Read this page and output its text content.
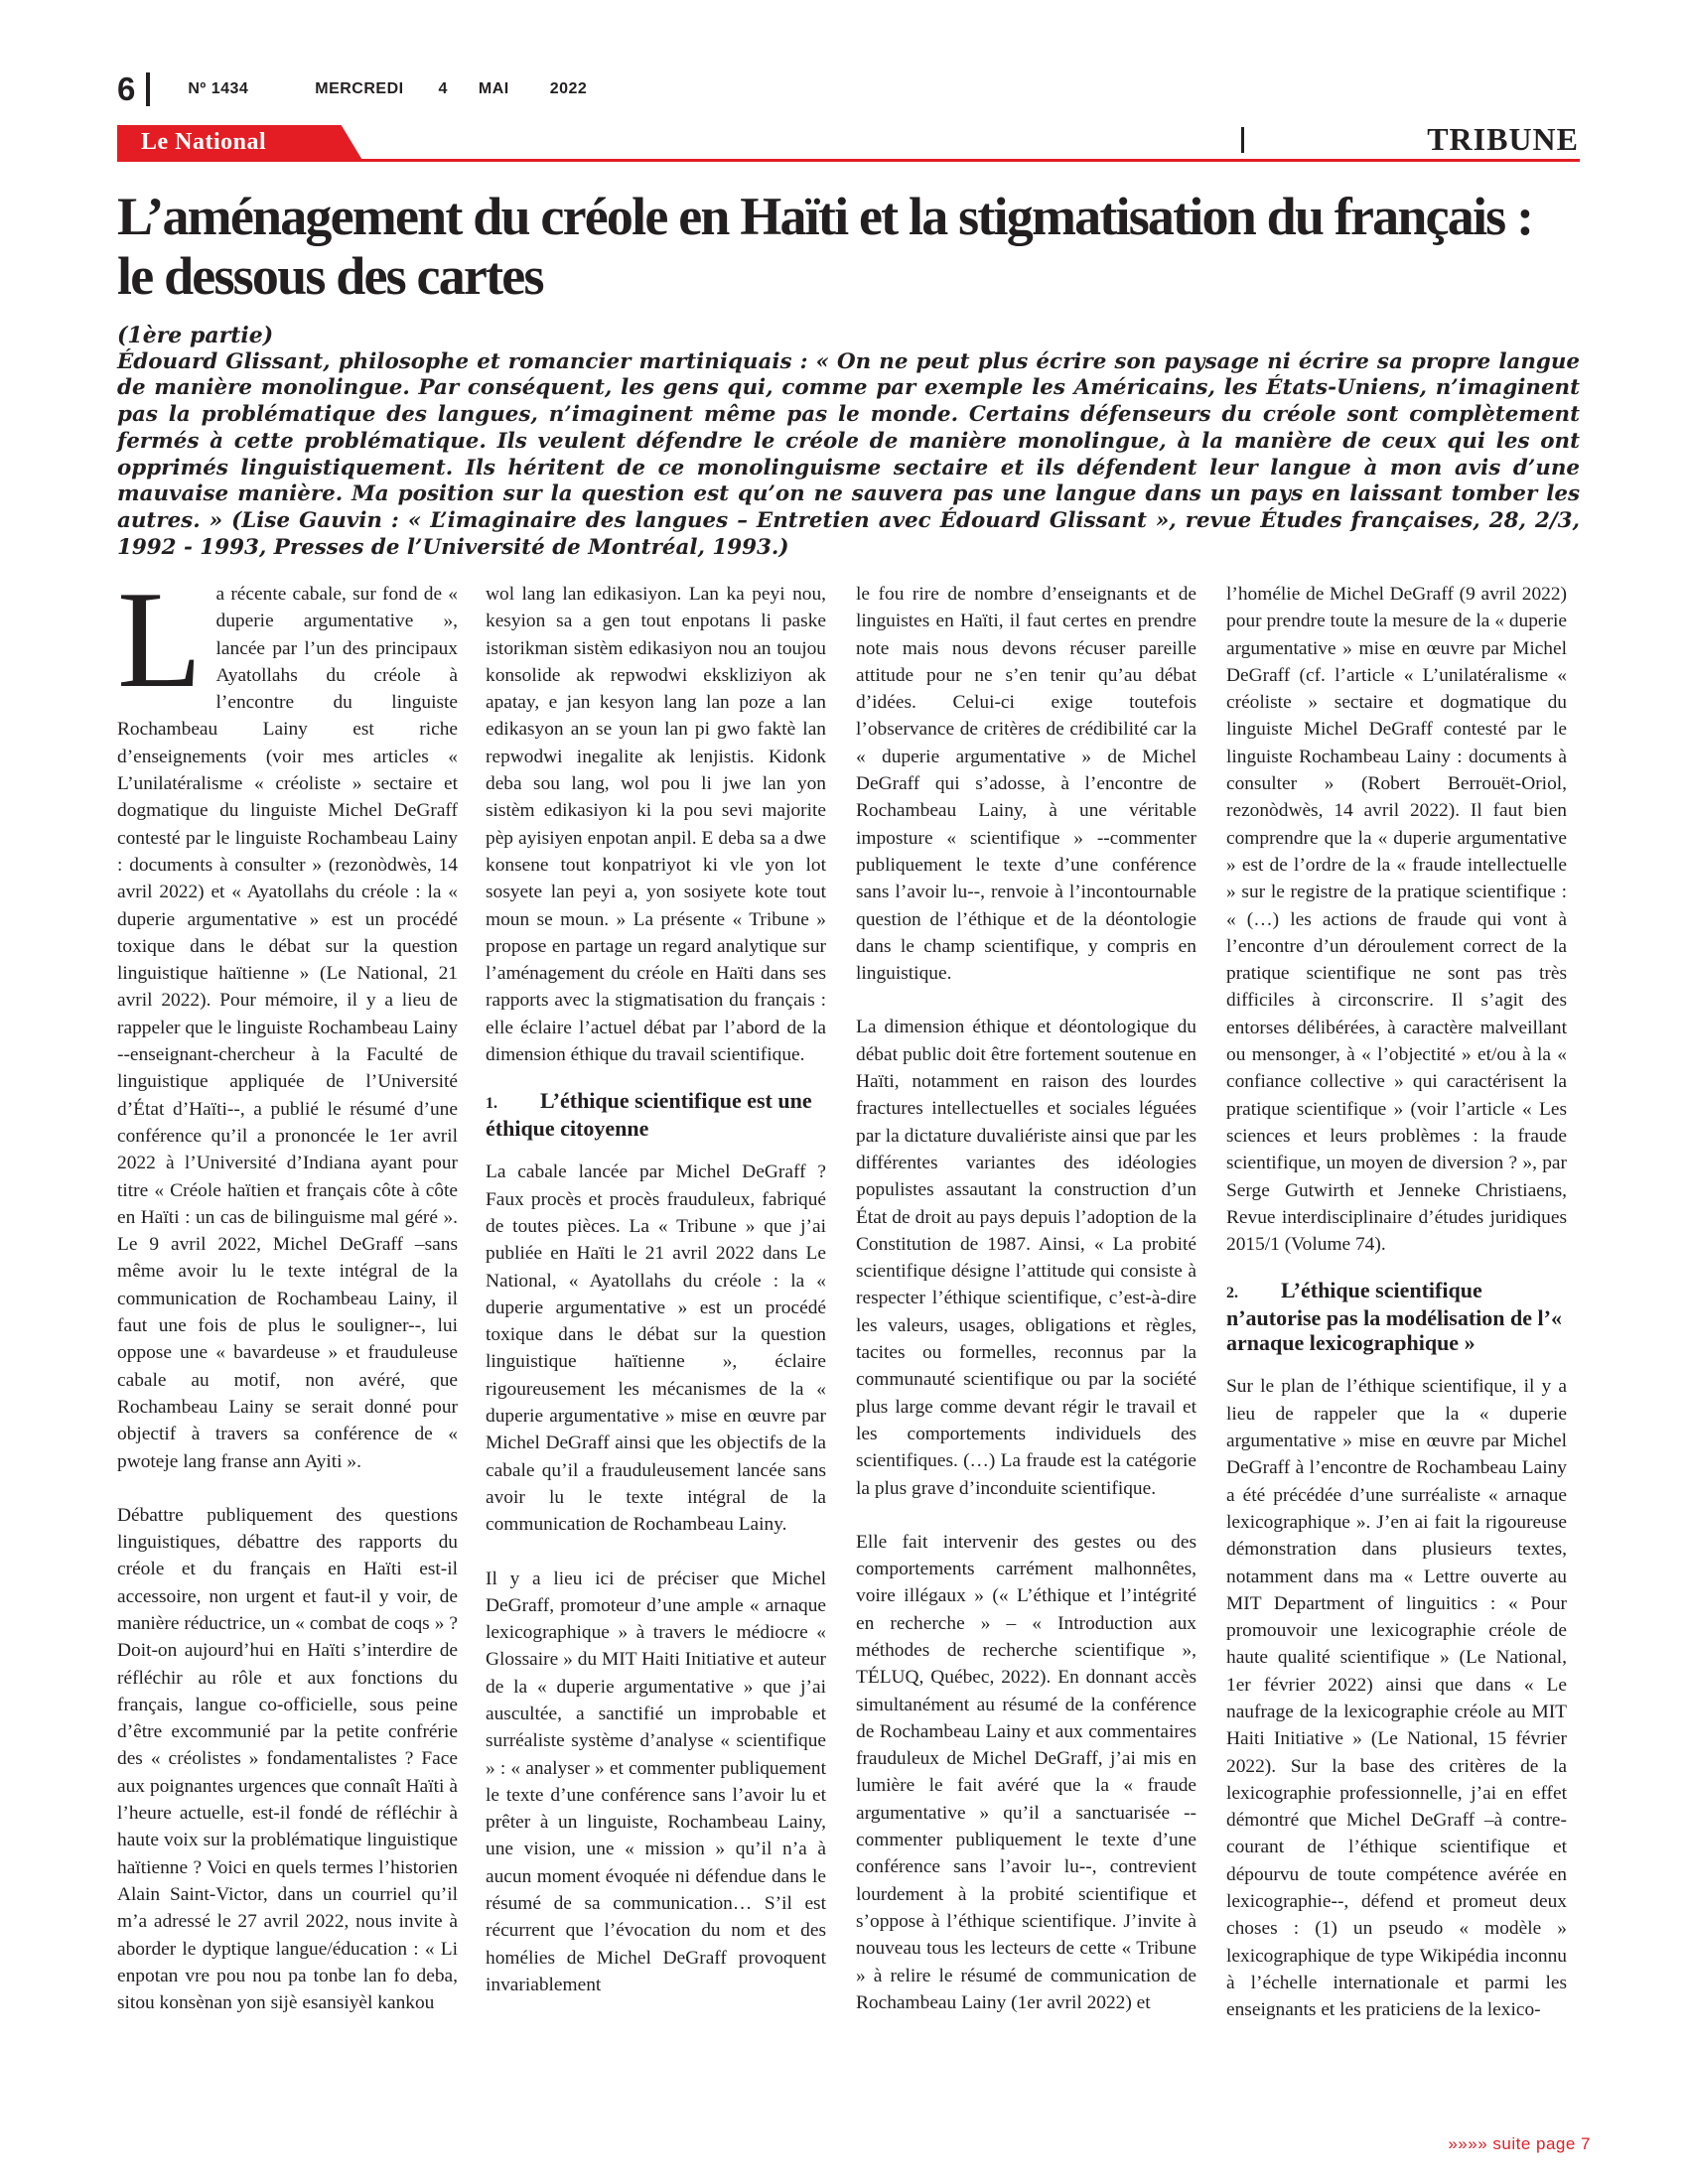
6	Nº 1434	MERCREDI 4 MAI	2022
Le National	TRIBUNE
L’aménagement du créole en Haïti et la stigmatisation du français : le dessous des cartes
(1ère partie)
Édouard Glissant, philosophe et romancier martiniquais : « On ne peut plus écrire son paysage ni écrire sa propre langue de manière monolingue. Par conséquent, les gens qui, comme par exemple les Américains, les États-Uniens, n’imaginent pas la problématique des langues, n’imaginent même pas le monde. Certains défenseurs du créole sont complètement fermés à cette problématique. Ils veulent défendre le créole de manière monolingue, à la manière de ceux qui les ont opprimés linguistiquement. Ils héritent de ce monolinguisme sectaire et ils défendent leur langue à mon avis d’une mauvaise manière. Ma position sur la question est qu’on ne sauvera pas une langue dans un pays en laissant tomber les autres. » (Lise Gauvin : « L’imaginaire des langues – Entretien avec Édouard Glissant », revue Études françaises, 28, 2/3, 1992 - 1993, Presses de l’Université de Montréal, 1993.)

La récente cabale, sur fond de « duperie argumentative », lancée par l’un des principaux Ayatollahs du créole à l’encontre du linguiste Rochambeau Lainy est riche d’enseignements (voir mes articles « L’unilatéralisme « créoliste » sectaire et dogmatique du linguiste Michel DeGraff contesté par le linguiste Rochambeau Lainy : documents à consulter » (rezonòdwès, 14 avril 2022) et « Ayatollahs du créole : la « duperie argumentative » est un procédé toxique dans le débat sur la question linguistique haïtienne » (Le National, 21 avril 2022). Pour mémoire, il y a lieu de rappeler que le linguiste Rochambeau Lainy --enseignant-chercheur à la Faculté de linguistique appliquée de l’Université d’État d’Haïti--, a publié le résumé d’une conférence qu’il a prononcée le 1er avril 2022 à l’Université d’Indiana ayant pour titre « Créole haïtien et français côte à côte en Haïti : un cas de bilinguisme mal géré ». Le 9 avril 2022, Michel DeGraff –sans même avoir lu le texte intégral de la communication de Rochambeau Lainy, il faut une fois de plus le souligner--, lui oppose une « bavardeuse » et frauduleuse cabale au motif, non avéré, que Rochambeau Lainy se serait donné pour objectif à travers sa conférence de « pwoteje lang franse ann Ayiti ».

Débattre publiquement des questions linguistiques, débattre des rapports du créole et du français en Haïti est-il accessoire, non urgent et faut-il y voir, de manière réductrice, un « combat de coqs » ? Doit-on aujourd’hui en Haïti s’interdire de réfléchir au rôle et aux fonctions du français, langue co-officielle, sous peine d’être excommunié par la petite confrérie des « créolistes » fondamentalistes ? Face aux poignantes urgences que connaît Haïti à l’heure actuelle, est-il fondé de réfléchir à haute voix sur la problématique linguistique haïtienne ? Voici en quels termes l’historien Alain Saint-Victor, dans un courriel qu’il m’a adressé le 27 avril 2022, nous invite à aborder le dyptique langue/éducation : « Li enpotan vre pou nou pa tonbe lan fo deba, sitou konsènan yon sijè esansiyèl kankou

wol lang lan edikasiyon. Lan ka peyi nou, kesyion sa a gen tout enpotans li paske istorikman sistèm edikasiyon nou an toujou konsolide ak repwodwi ekskliziyon ak apatay, e jan kesyon lang lan poze a lan edikasyon an se youn lan pi gwo faktè lan repwodwi inegalite ak lenjistis. Kidonk deba sou lang, wol pou li jwe lan yon sistèm edikasiyon ki la pou sevi majorite pèp ayisiyen enpotan anpil. E deba sa a dwe konsene tout konpatriyot ki vle yon lot sosyete lan peyi a, yon sosiyete kote tout moun se moun. » La présente « Tribune » propose en partage un regard analytique sur l’aménagement du créole en Haïti dans ses rapports avec la stigmatisation du français : elle éclaire l’actuel débat par l’abord de la dimension éthique du travail scientifique.

1. L’éthique scientifique est une éthique citoyenne

La cabale lancée par Michel DeGraff ? Faux procès et procès frauduleux, fabriqué de toutes pièces. La « Tribune » que j’ai publiée en Haïti le 21 avril 2022 dans Le National, « Ayatollahs du créole : la « duperie argumentative » est un procédé toxique dans le débat sur la question linguistique haïtienne », éclaire rigoureusement les mécanismes de la « duperie argumentative » mise en œuvre par Michel DeGraff ainsi que les objectifs de la cabale qu’il a frauduleusement lancée sans avoir lu le texte intégral de la communication de Rochambeau Lainy.

Il y a lieu ici de préciser que Michel DeGraff, promoteur d’une ample « arnaque lexicographique » à travers le médiocre « Glossaire » du MIT Haiti Initiative et auteur de la « duperie argumentative » que j’ai auscultée, a sanctifié un improbable et surréaliste système d’analyse « scientifique » : « analyser » et commenter publiquement le texte d’une conférence sans l’avoir lu et prêter à un linguiste, Rochambeau Lainy, une vision, une « mission » qu’il n’a à aucun moment évoquée ni défendue dans le résumé de sa communication… S’il est récurrent que l’évocation du nom et des homélies de Michel DeGraff provoquent invariablement

le fou rire de nombre d’enseignants et de linguistes en Haïti, il faut certes en prendre note mais nous devons récuser pareille attitude pour ne s’en tenir qu’au débat d’idées. Celui-ci exige toutefois l’observance de critères de crédibilité car la « duperie argumentative » de Michel DeGraff qui s’adosse, à l’encontre de Rochambeau Lainy, à une véritable imposture « scientifique » --commenter publiquement le texte d’une conférence sans l’avoir lu--, renvoie à l’incontournable question de l’éthique et de la déontologie dans le champ scientifique, y compris en linguistique.

La dimension éthique et déontologique du débat public doit être fortement soutenue en Haïti, notamment en raison des lourdes fractures intellectuelles et sociales léguées par la dictature duvaliériste ainsi que par les différentes variantes des idéologies populistes assautant la construction d’un État de droit au pays depuis l’adoption de la Constitution de 1987. Ainsi, « La probité scientifique désigne l’attitude qui consiste à respecter l’éthique scientifique, c’est-à-dire les valeurs, usages, obligations et règles, tacites ou formelles, reconnus par la communauté scientifique ou par la société plus large comme devant régir le travail et les comportements individuels des scientifiques. (…) La fraude est la catégorie la plus grave d’inconduite scientifique.

Elle fait intervenir des gestes ou des comportements carrément malhonnêtes, voire illégaux » (« L’éthique et l’intégrité en recherche » – « Introduction aux méthodes de recherche scientifique », TÉLUQ, Québec, 2022). En donnant accès simultanément au résumé de la conférence de Rochambeau Lainy et aux commentaires frauduleux de Michel DeGraff, j’ai mis en lumière le fait avéré que la « fraude argumentative » qu’il a sanctuarisée --commenter publiquement le texte d’une conférence sans l’avoir lu--, contrevient lourdement à la probité scientifique et s’oppose à l’éthique scientifique. J’invite à nouveau tous les lecteurs de cette « Tribune » à relire le résumé de communication de Rochambeau Lainy (1er avril 2022) et

l’homélie de Michel DeGraff (9 avril 2022) pour prendre toute la mesure de la « duperie argumentative » mise en œuvre par Michel DeGraff (cf. l’article « L’unilatéralisme « créoliste » sectaire et dogmatique du linguiste Michel DeGraff contesté par le linguiste Rochambeau Lainy : documents à consulter » (Robert Berrouët-Oriol, rezonòdwès, 14 avril 2022). Il faut bien comprendre que la « duperie argumentative » est de l’ordre de la « fraude intellectuelle » sur le registre de la pratique scientifique : « (…) les actions de fraude qui vont à l’encontre d’un déroulement correct de la pratique scientifique ne sont pas très difficiles à circonscrire. Il s’agit des entorses délibérées, à caractère malveillant ou mensonger, à « l’objectité » et/ou à la « confiance collective » qui caractérisent la pratique scientifique » (voir l’article « Les sciences et leurs problèmes : la fraude scientifique, un moyen de diversion ? », par Serge Gutwirth et Jenneke Christiaens, Revue interdisciplinaire d’études juridiques 2015/1 (Volume 74).

2. L’éthique scientifique n’autorise pas la modélisation de l’« arnaque lexicographique »

Sur le plan de l’éthique scientifique, il y a lieu de rappeler que la « duperie argumentative » mise en œuvre par Michel DeGraff à l’encontre de Rochambeau Lainy a été précédée d’une surréaliste « arnaque lexicographique ». J’en ai fait la rigoureuse démonstration dans plusieurs textes, notamment dans ma « Lettre ouverte au MIT Department of linguitics : « Pour promouvoir une lexicographie créole de haute qualité scientifique » (Le National, 1er février 2022) ainsi que dans « Le naufrage de la lexicographie créole au MIT Haiti Initiative » (Le National, 15 février 2022). Sur la base des critères de la lexicographie professionnelle, j’ai en effet démontré que Michel DeGraff –à contre-courant de l’éthique scientifique et dépourvu de toute compétence avérée en lexicographie--, défend et promeut deux choses : (1) un pseudo « modèle » lexicographique de type Wikipédia inconnu à l’échelle internationale et parmi les enseignants et les praticiens de la lexico-

»»»» suite page 7
